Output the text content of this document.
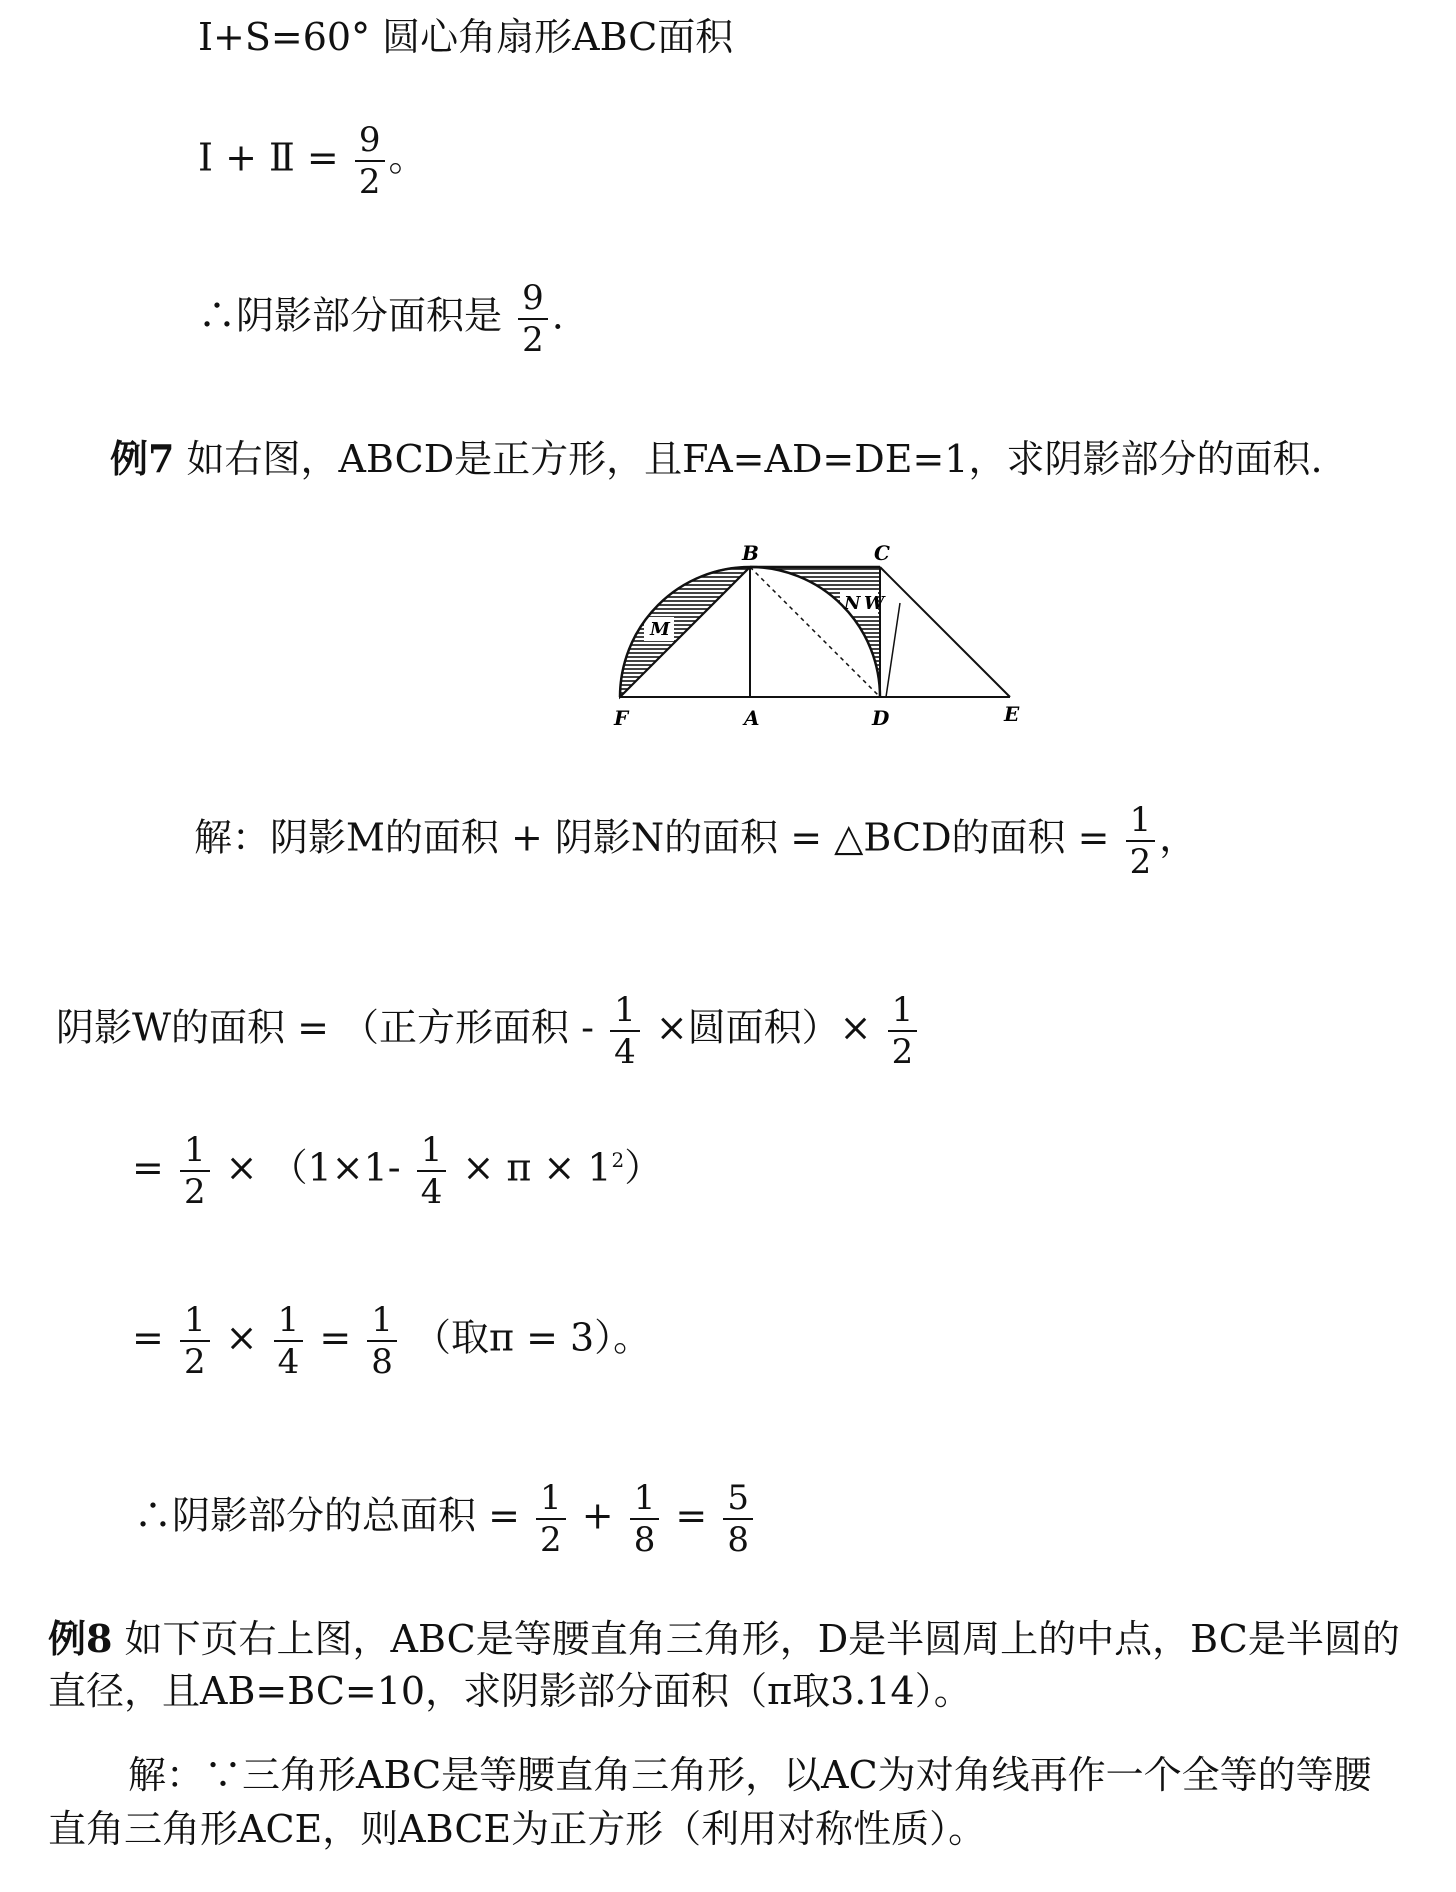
Ⅰ+S=60° 圆心角扇形ABC面积
Ⅰ + Ⅱ = $\frac{9}{2}$ 。
∴阴影部分面积是 $\frac{9}{2}$ .
例7 如右图，ABCD是正方形，且FA=AD=DE=1，求阴影部分的面积.
B	C
F	A	D	E
M
N W
解：阴影M的面积 + 阴影N的面积 = △BCD的面积 = $\frac{1}{2}$ ，
阴影W的面积 = （正方形面积 - $\frac{1}{4}$ ×圆面积）× $\frac{1}{2}$
= $\frac{1}{2} \times (1\times 1- \frac{1}{4} \times \pi \times 1^2)$
= $\frac{1}{2} \times \frac{1}{4} = \frac{1}{8}$ （取π = 3）。
∴阴影部分的总面积 = $\frac{1}{2} + \frac{1}{8} = \frac{5}{8}$
例8 如下页右上图，ABC是等腰直角三角形，D是半圆周上的中点，BC是半圆的
直径，且AB=BC=10，求阴影部分面积（π取3.14）。
解：∵三角形ABC是等腰直角三角形，以AC为对角线再作一个全等的等腰
直角三角形ACE，则ABCE为正方形（利用对称性质）。
